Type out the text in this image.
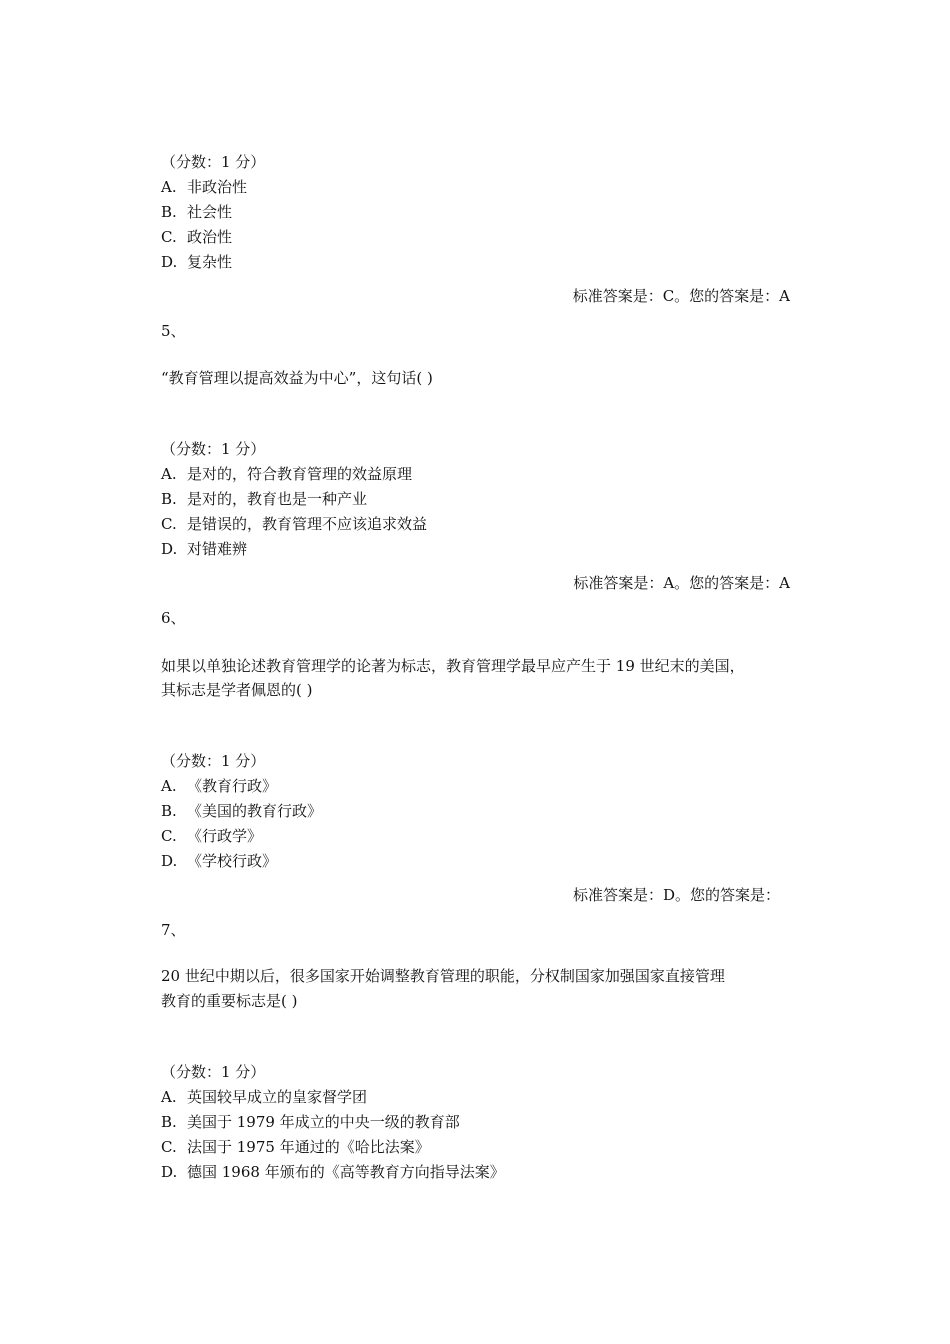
（分数：1 分）
A. 非政治性
B. 社会性
C. 政治性
D. 复杂性
标准答案是：C。您的答案是：A
5、
“教育管理以提高效益为中心”，这句话( )
（分数：1 分）
A. 是对的，符合教育管理的效益原理
B. 是对的，教育也是一种产业
C. 是错误的，教育管理不应该追求效益
D. 对错难辨
标准答案是：A。您的答案是：A
6、
如果以单独论述教育管理学的论著为标志，教育管理学最早应产生于 19 世纪末的美国，
其标志是学者佩恩的( )
（分数：1 分）
A. 《教育行政》
B. 《美国的教育行政》
C. 《行政学》
D. 《学校行政》
标准答案是：D。您的答案是：
7、
20 世纪中期以后，很多国家开始调整教育管理的职能，分权制国家加强国家直接管理
教育的重要标志是( )
（分数：1 分）
A. 英国较早成立的皇家督学团
B. 美国于 1979 年成立的中央一级的教育部
C. 法国于 1975 年通过的《哈比法案》
D. 德国 1968 年颁布的《高等教育方向指导法案》
